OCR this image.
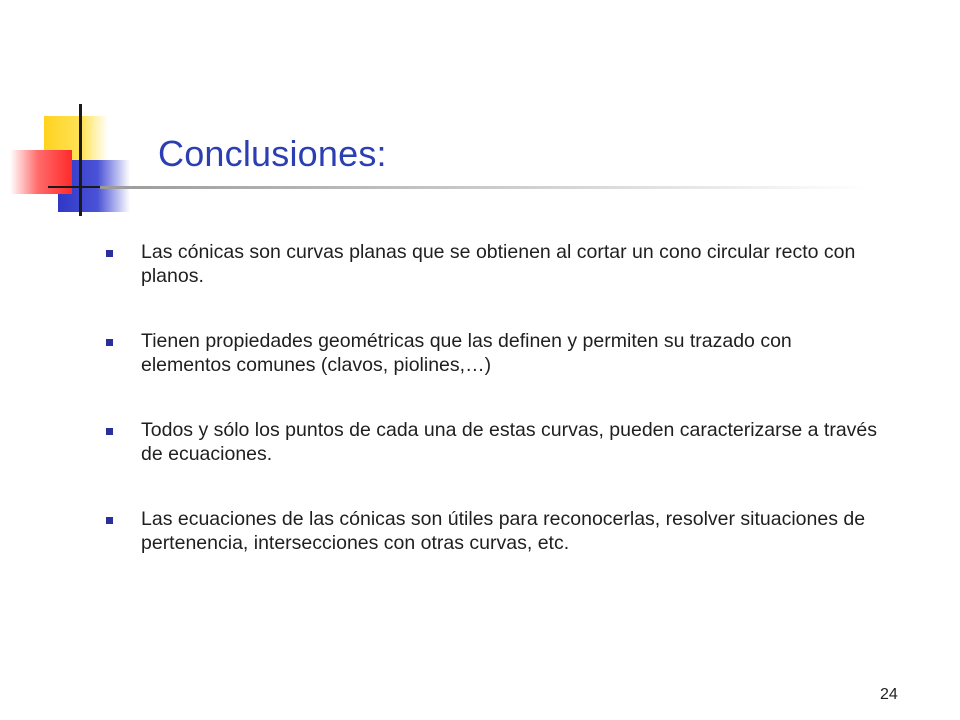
Conclusiones:
Las cónicas son curvas planas que se obtienen al cortar un cono circular recto con planos.
Tienen propiedades geométricas que las definen y permiten su trazado con elementos comunes (clavos, piolines,…)
Todos y sólo los puntos de cada una de estas curvas, pueden caracterizarse a través de ecuaciones.
Las ecuaciones de las cónicas son útiles para reconocerlas, resolver situaciones de pertenencia, intersecciones con otras curvas, etc.
24
